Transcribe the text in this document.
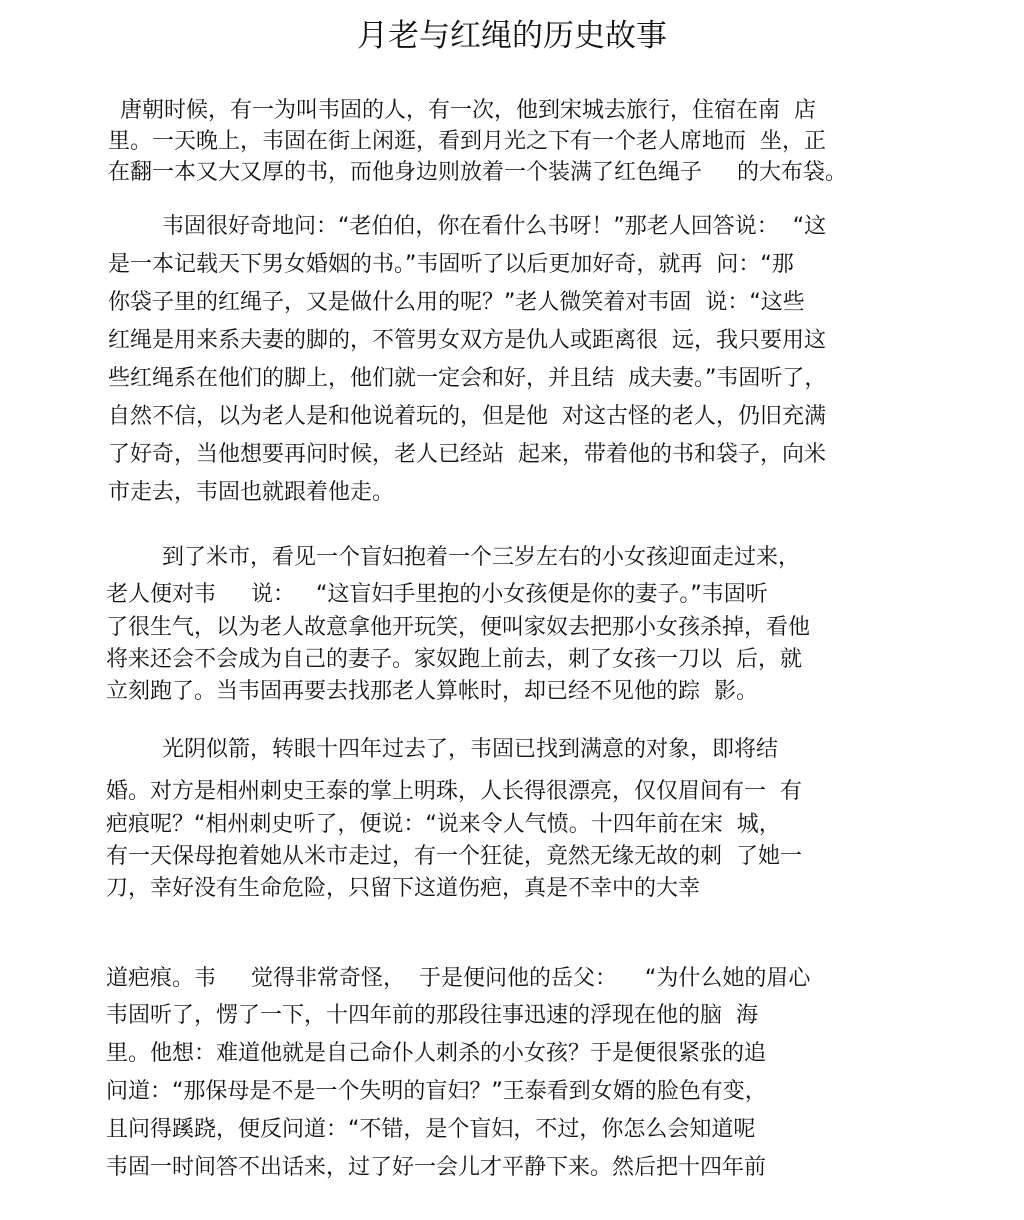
月老与红绳的历史故事

唐朝时候，有一为叫韦固的人，有一次，他到宋城去旅行，住宿在南  店

里。一天晚上，韦固在街上闲逛，看到月光之下有一个老人席地而  坐，正

在翻一本又大又厚的书，而他身边则放着一个装满了红色绳子     的大布袋。

韦固很好奇地问：“老伯伯，你在看什么书呀！”那老人回答说：  “这

是一本记载天下男女婚姻的书。”韦固听了以后更加好奇，就再  问：“那

你袋子里的红绳子，又是做什么用的呢？”老人微笑着对韦固  说：“这些

红绳是用来系夫妻的脚的，不管男女双方是仇人或距离很  远，我只要用这

些红绳系在他们的脚上，他们就一定会和好，并且结  成夫妻。”韦固听了，

自然不信，以为老人是和他说着玩的，但是他  对这古怪的老人，仍旧充满

了好奇，当他想要再问时候，老人已经站  起来，带着他的书和袋子，向米

市走去，韦固也就跟着他走。

到了米市，看见一个盲妇抱着一个三岁左右的小女孩迎面走过来，

老人便对韦     说：   “这盲妇手里抱的小女孩便是你的妻子。”韦固听

了很生气，以为老人故意拿他开玩笑，便叫家奴去把那小女孩杀掉，看他

将来还会不会成为自己的妻子。家奴跑上前去，刺了女孩一刀以  后，就

立刻跑了。当韦固再要去找那老人算帐时，却已经不见他的踪  影。

光阴似箭，转眼十四年过去了，韦固已找到满意的对象，即将结

婚。对方是相州刺史王泰的掌上明珠，人长得很漂亮，仅仅眉间有一  有

疤痕呢？“相州刺史听了，便说：“说来令人气愤。十四年前在宋  城，

有一天保母抱着她从米市走过，有一个狂徒，竟然无缘无故的刺  了她一

刀，幸好没有生命危险，只留下这道伤疤，真是不幸中的大幸

道疤痕。韦     觉得非常奇怪，  于是便问他的岳父：    “为什么她的眉心

韦固听了，愣了一下，十四年前的那段往事迅速的浮现在他的脑  海

里。他想：难道他就是自己命仆人刺杀的小女孩？于是便很紧张的追

问道：“那保母是不是一个失明的盲妇？”王泰看到女婿的脸色有变，

且问得蹊跷，便反问道：“不错，是个盲妇，不过，你怎么会知道呢

韦固一时间答不出话来，过了好一会儿才平静下来。然后把十四年前
